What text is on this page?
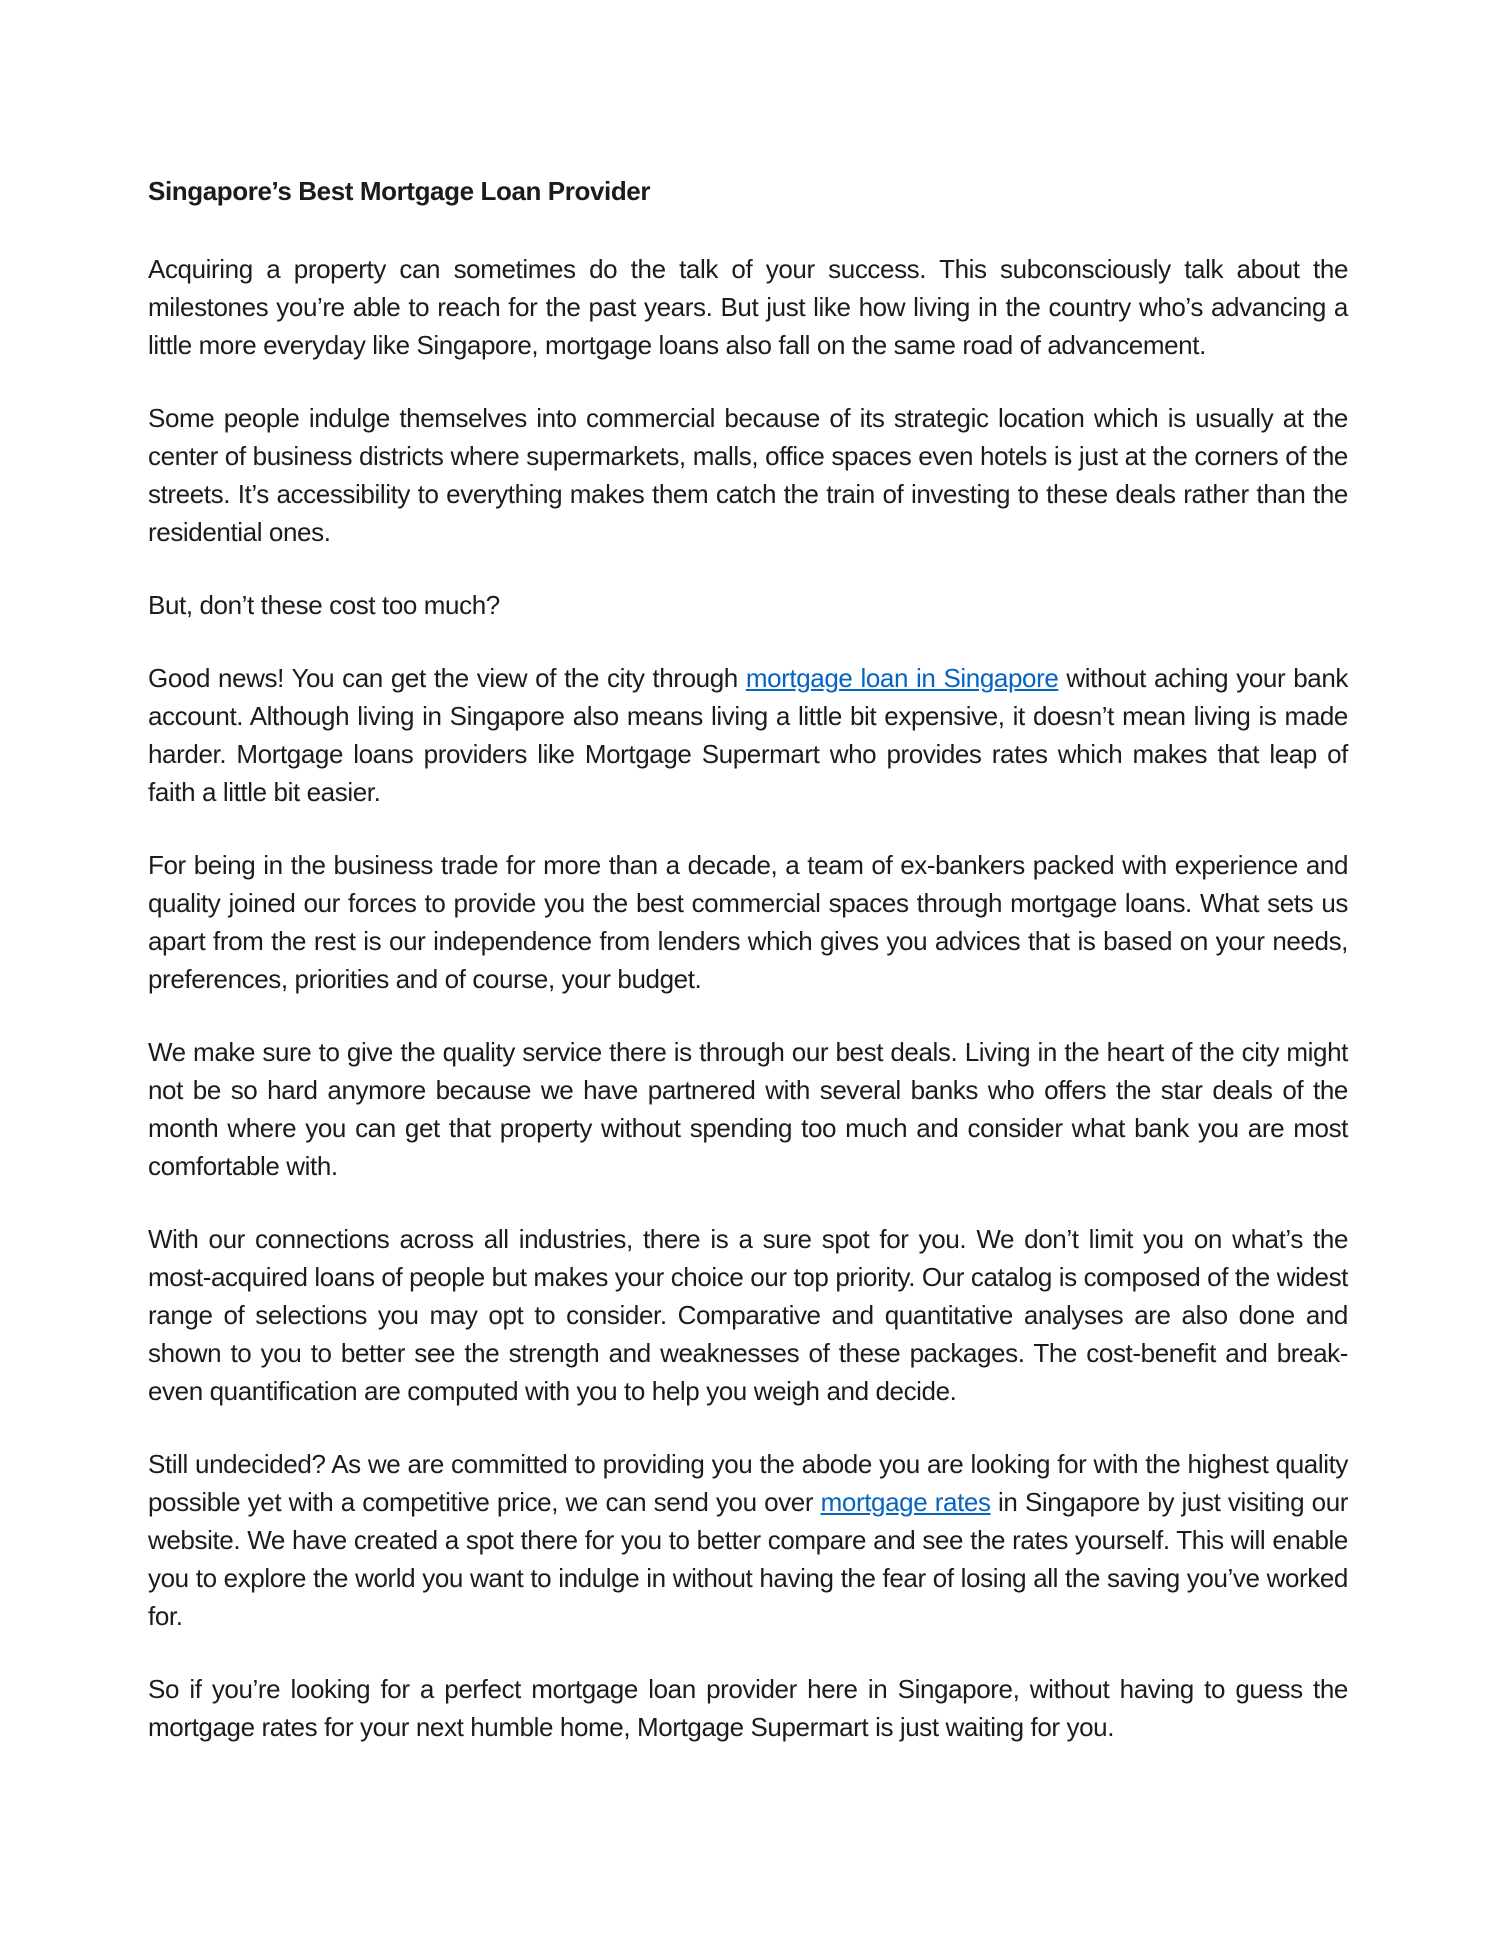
Singapore’s Best Mortgage Loan Provider

Acquiring a property can sometimes do the talk of your success. This subconsciously talk about the milestones you’re able to reach for the past years. But just like how living in the country who’s advancing a little more everyday like Singapore, mortgage loans also fall on the same road of advancement.

Some people indulge themselves into commercial because of its strategic location which is usually at the center of business districts where supermarkets, malls, office spaces even hotels is just at the corners of the streets. It’s accessibility to everything makes them catch the train of investing to these deals rather than the residential ones.

But, don’t these cost too much?

Good news! You can get the view of the city through mortgage loan in Singapore without aching your bank account. Although living in Singapore also means living a little bit expensive, it doesn’t mean living is made harder. Mortgage loans providers like Mortgage Supermart who provides rates which makes that leap of faith a little bit easier.

For being in the business trade for more than a decade, a team of ex-bankers packed with experience and quality joined our forces to provide you the best commercial spaces through mortgage loans. What sets us apart from the rest is our independence from lenders which gives you advices that is based on your needs, preferences, priorities and of course, your budget.

We make sure to give the quality service there is through our best deals. Living in the heart of the city might not be so hard anymore because we have partnered with several banks who offers the star deals of the month where you can get that property without spending too much and consider what bank you are most comfortable with.

With our connections across all industries, there is a sure spot for you. We don’t limit you on what’s the most-acquired loans of people but makes your choice our top priority. Our catalog is composed of the widest range of selections you may opt to consider. Comparative and quantitative analyses are also done and shown to you to better see the strength and weaknesses of these packages. The cost-benefit and break-even quantification are computed with you to help you weigh and decide.

Still undecided? As we are committed to providing you the abode you are looking for with the highest quality possible yet with a competitive price, we can send you over mortgage rates in Singapore by just visiting our website. We have created a spot there for you to better compare and see the rates yourself. This will enable you to explore the world you want to indulge in without having the fear of losing all the saving you’ve worked for.

So if you’re looking for a perfect mortgage loan provider here in Singapore, without having to guess the mortgage rates for your next humble home, Mortgage Supermart is just waiting for you.
